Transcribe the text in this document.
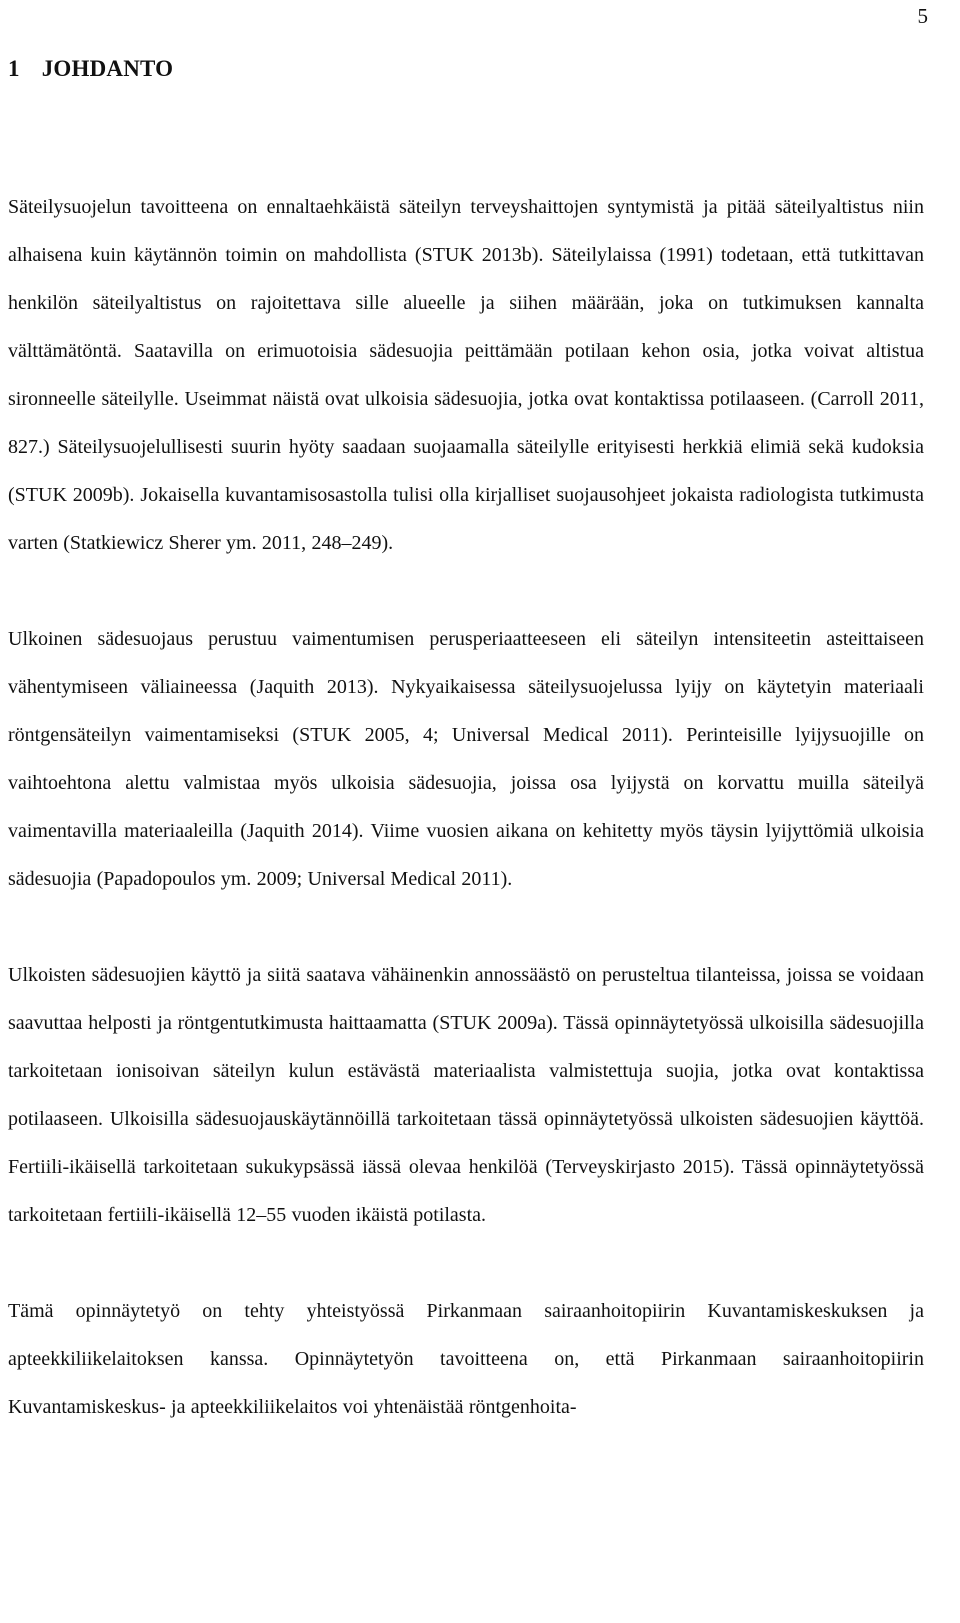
5
1 JOHDANTO

Säteilysuojelun tavoitteena on ennaltaehkäistä säteilyn terveyshaittojen syntymistä ja pitää säteilyaltistus niin alhaisena kuin käytännön toimin on mahdollista (STUK 2013b). Säteilylaissa (1991) todetaan, että tutkittavan henkilön säteilyaltistus on rajoitettava sille alueelle ja siihen määrään, joka on tutkimuksen kannalta välttämätöntä. Saatavilla on erimuotoisia sädesuojia peittämään potilaan kehon osia, jotka voivat altistua sironneelle säteilylle. Useimmat näistä ovat ulkoisia sädesuojia, jotka ovat kontaktissa potilaaseen. (Carroll 2011, 827.) Säteilysuojelullisesti suurin hyöty saadaan suojaamalla säteilylle erityisesti herkkiä elimiä sekä kudoksia (STUK 2009b). Jokaisella kuvantamisosastolla tulisi olla kirjalliset suojausohjeet jokaista radiologista tutkimusta varten (Statkiewicz Sherer ym. 2011, 248–249).

Ulkoinen sädesuojaus perustuu vaimentumisen perusperiaatteeseen eli säteilyn intensiteetin asteittaiseen vähentymiseen väliaineessa (Jaquith 2013). Nykyaikaisessa säteilysuojelussa lyijy on käytetyin materiaali röntgensäteilyn vaimentamiseksi (STUK 2005, 4; Universal Medical 2011). Perinteisille lyijysuojille on vaihtoehtona alettu valmistaa myös ulkoisia sädesuojia, joissa osa lyijystä on korvattu muilla säteilyä vaimentavilla materiaaleilla (Jaquith 2014). Viime vuosien aikana on kehitetty myös täysin lyijyttömiä ulkoisia sädesuojia (Papadopoulos ym. 2009; Universal Medical 2011).

Ulkoisten sädesuojien käyttö ja siitä saatava vähäinenkin annossäästö on perusteltua tilanteissa, joissa se voidaan saavuttaa helposti ja röntgentutkimusta haittaamatta (STUK 2009a). Tässä opinnäytetyössä ulkoisilla sädesuojilla tarkoitetaan ionisoivan säteilyn kulun estävästä materiaalista valmistettuja suojia, jotka ovat kontaktissa potilaaseen. Ulkoisilla sädesuojauskäytännöillä tarkoitetaan tässä opinnäytetyössä ulkoisten sädesuojien käyttöä. Fertiili-ikäisellä tarkoitetaan sukukypsässä iässä olevaa henkilöä (Terveyskirjasto 2015). Tässä opinnäytetyössä tarkoitetaan fertiili-ikäisellä 12–55 vuoden ikäistä potilasta.

Tämä opinnäytetyö on tehty yhteistyössä Pirkanmaan sairaanhoitopiirin Kuvantamiskeskuksen ja apteekkiliikelaitoksen kanssa. Opinnäytetyön tavoitteena on, että Pirkanmaan sairaanhoitopiirin Kuvantamiskeskus- ja apteekkiliikelaitos voi yhtenäistää röntgenhoita-
